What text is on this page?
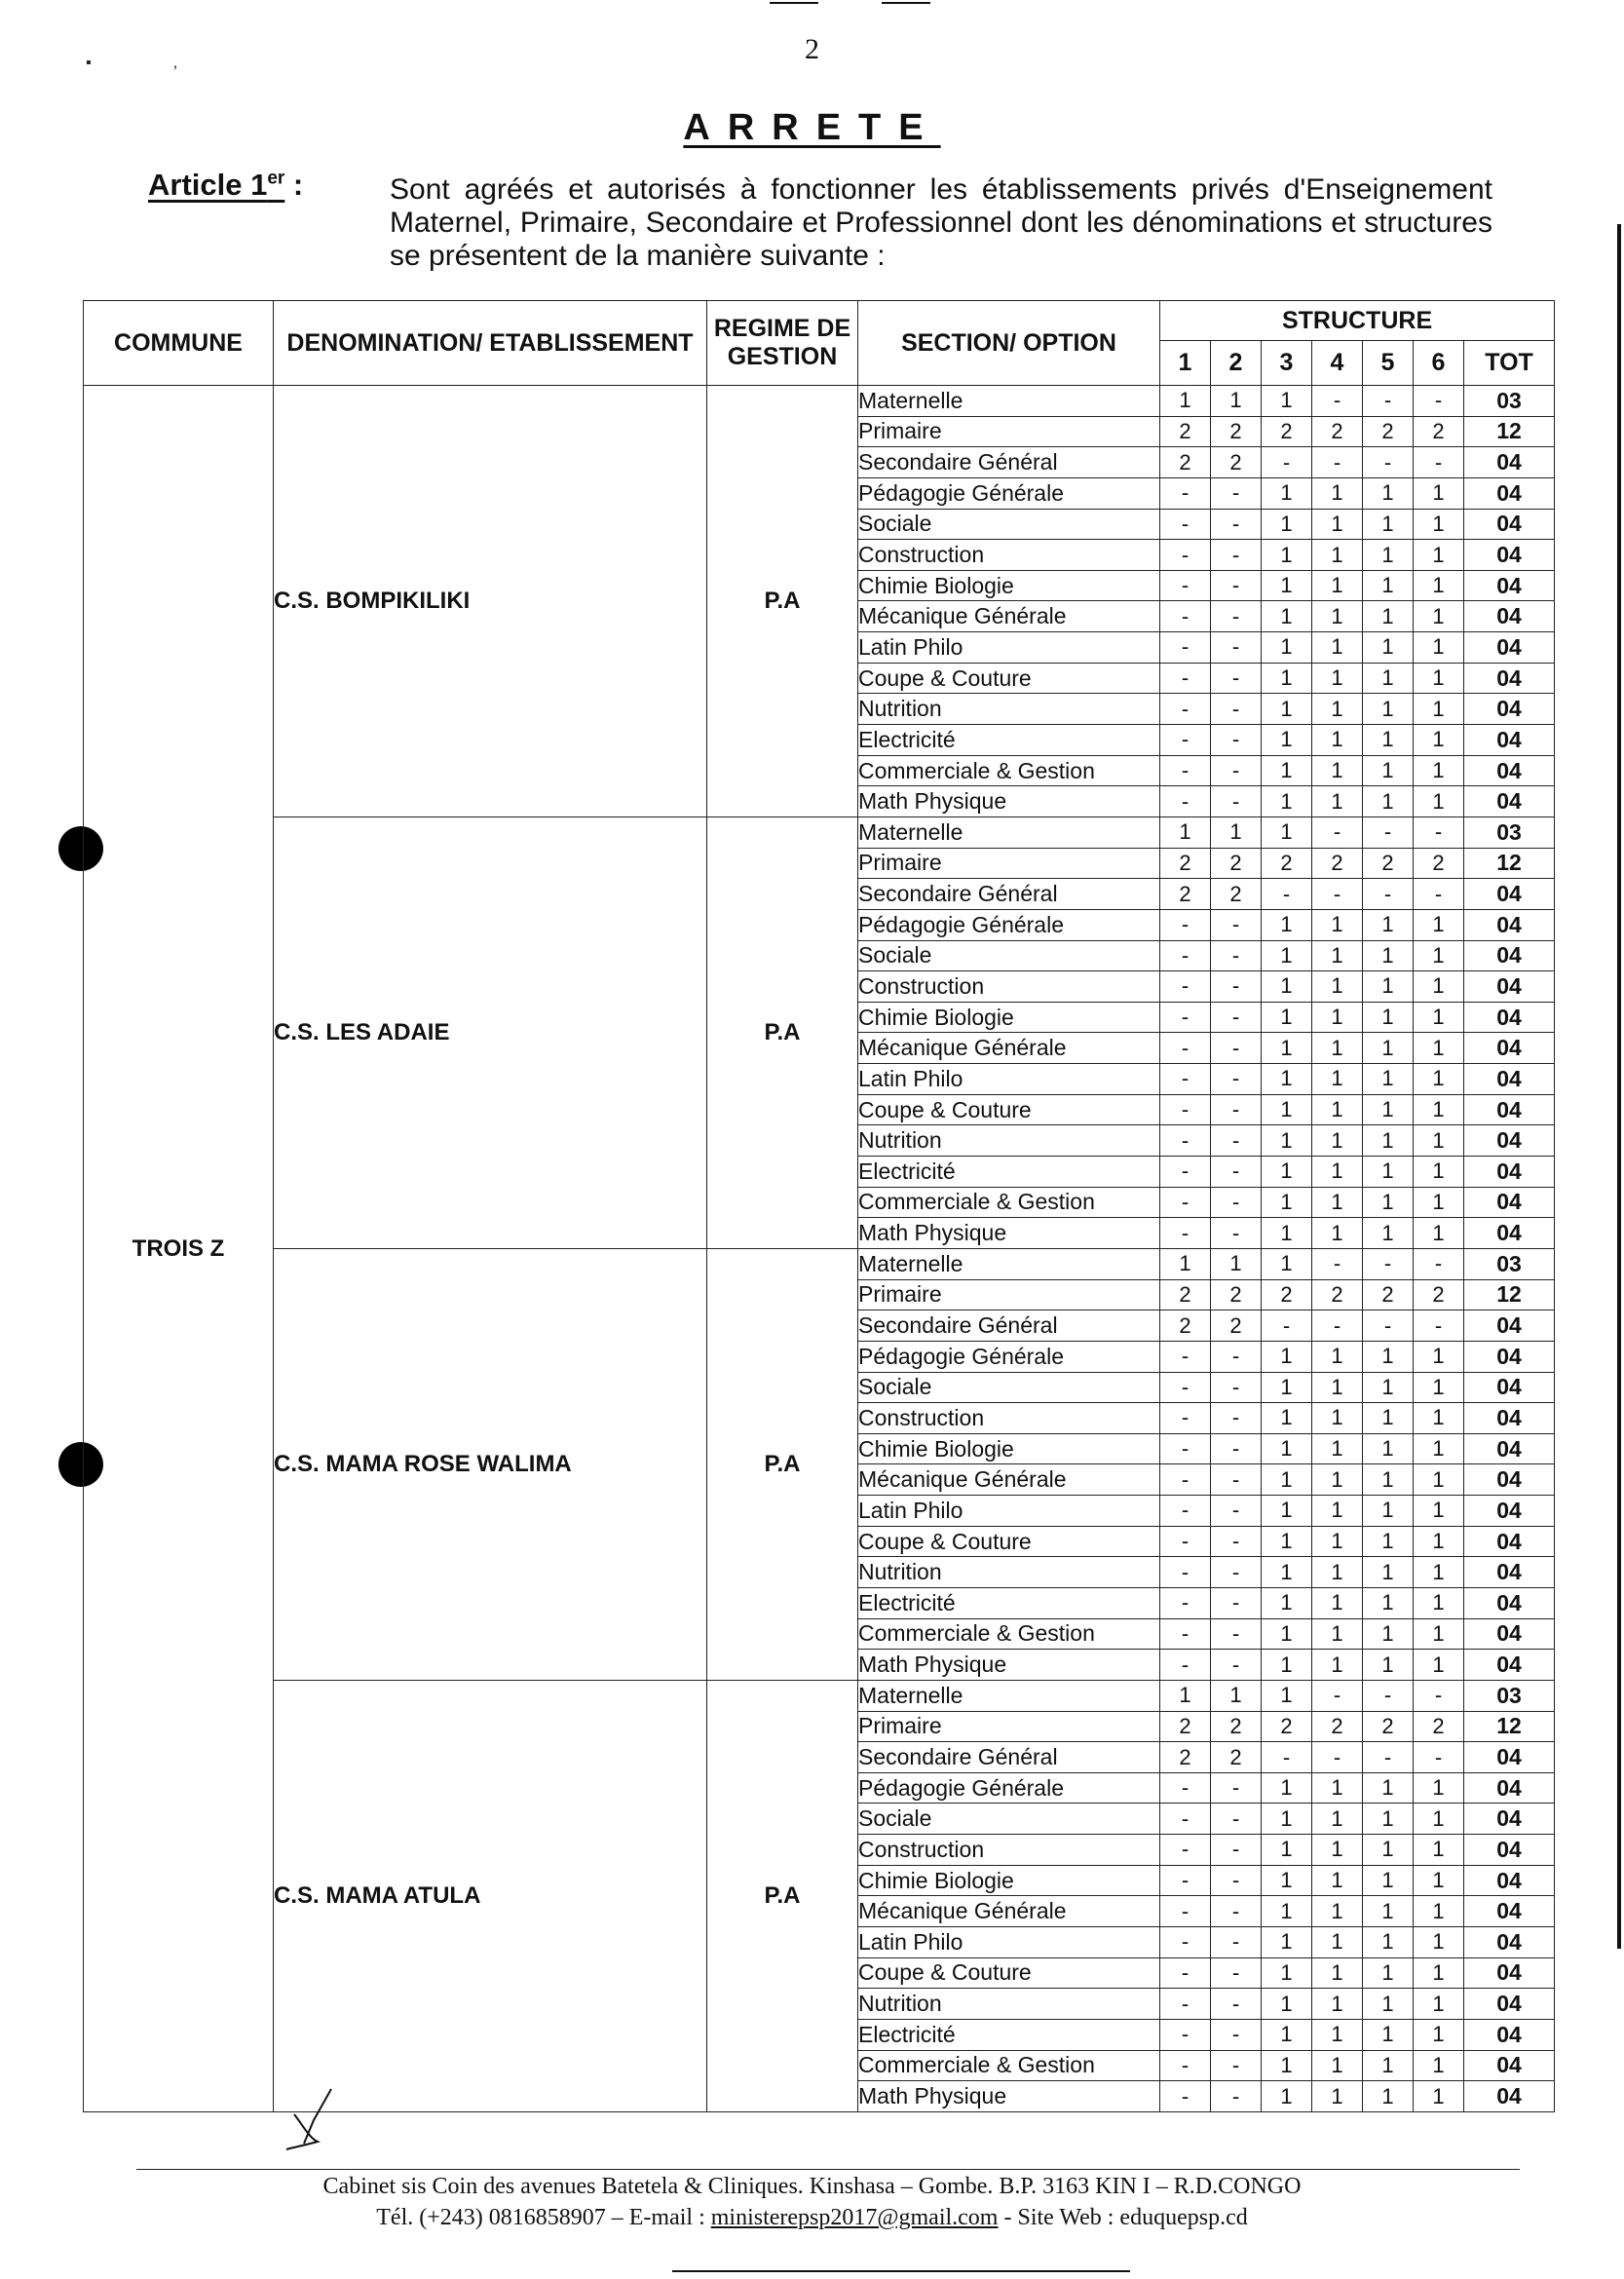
▪	,	2
ARRETE
Article 1er :	Sont agréés et autorisés à fonctionner les établissements privés d'Enseignement Maternel, Primaire, Secondaire et Professionnel dont les dénominations et structures se présentent de la manière suivante :
COMMUNE	DENOMINATION/ ETABLISSEMENT	REGIME DE GESTION	SECTION/ OPTION	STRUCTURE						
				1	2	3	4	5	6	TOT
TROIS Z	C.S. BOMPIKILIKI	P.A	Maternelle	1	1	1	-	-	-	03
			Primaire	2	2	2	2	2	2	12
			Secondaire Général	2	2	-	-	-	-	04
			Pédagogie Générale	-	-	1	1	1	1	04
			Sociale	-	-	1	1	1	1	04
			Construction	-	-	1	1	1	1	04
			Chimie Biologie	-	-	1	1	1	1	04
			Mécanique Générale	-	-	1	1	1	1	04
			Latin Philo	-	-	1	1	1	1	04
			Coupe & Couture	-	-	1	1	1	1	04
			Nutrition	-	-	1	1	1	1	04
			Electricité	-	-	1	1	1	1	04
			Commerciale & Gestion	-	-	1	1	1	1	04
			Math Physique	-	-	1	1	1	1	04
	C.S. LES ADAIE	P.A	Maternelle	1	1	1	-	-	-	03
			Primaire	2	2	2	2	2	2	12
			Secondaire Général	2	2	-	-	-	-	04
			Pédagogie Générale	-	-	1	1	1	1	04
			Sociale	-	-	1	1	1	1	04
			Construction	-	-	1	1	1	1	04
			Chimie Biologie	-	-	1	1	1	1	04
			Mécanique Générale	-	-	1	1	1	1	04
			Latin Philo	-	-	1	1	1	1	04
			Coupe & Couture	-	-	1	1	1	1	04
			Nutrition	-	-	1	1	1	1	04
			Electricité	-	-	1	1	1	1	04
			Commerciale & Gestion	-	-	1	1	1	1	04
			Math Physique	-	-	1	1	1	1	04
	C.S. MAMA ROSE WALIMA	P.A	Maternelle	1	1	1	-	-	-	03
			Primaire	2	2	2	2	2	2	12
			Secondaire Général	2	2	-	-	-	-	04
			Pédagogie Générale	-	-	1	1	1	1	04
			Sociale	-	-	1	1	1	1	04
			Construction	-	-	1	1	1	1	04
			Chimie Biologie	-	-	1	1	1	1	04
			Mécanique Générale	-	-	1	1	1	1	04
			Latin Philo	-	-	1	1	1	1	04
			Coupe & Couture	-	-	1	1	1	1	04
			Nutrition	-	-	1	1	1	1	04
			Electricité	-	-	1	1	1	1	04
			Commerciale & Gestion	-	-	1	1	1	1	04
			Math Physique	-	-	1	1	1	1	04
	C.S. MAMA ATULA	P.A	Maternelle	1	1	1	-	-	-	03
			Primaire	2	2	2	2	2	2	12
			Secondaire Général	2	2	-	-	-	-	04
			Pédagogie Générale	-	-	1	1	1	1	04
			Sociale	-	-	1	1	1	1	04
			Construction	-	-	1	1	1	1	04
			Chimie Biologie	-	-	1	1	1	1	04
			Mécanique Générale	-	-	1	1	1	1	04
			Latin Philo	-	-	1	1	1	1	04
			Coupe & Couture	-	-	1	1	1	1	04
			Nutrition	-	-	1	1	1	1	04
			Electricité	-	-	1	1	1	1	04
			Commerciale & Gestion	-	-	1	1	1	1	04
			Math Physique	-	-	1	1	1	1	04
Cabinet sis Coin des avenues Batetela & Cliniques. Kinshasa – Gombe. B.P. 3163 KIN I – R.D.CONGO
Tél. (+243) 0816858907 – E-mail : ministerepsp2017@gmail.com - Site Web : eduquepsp.cd
